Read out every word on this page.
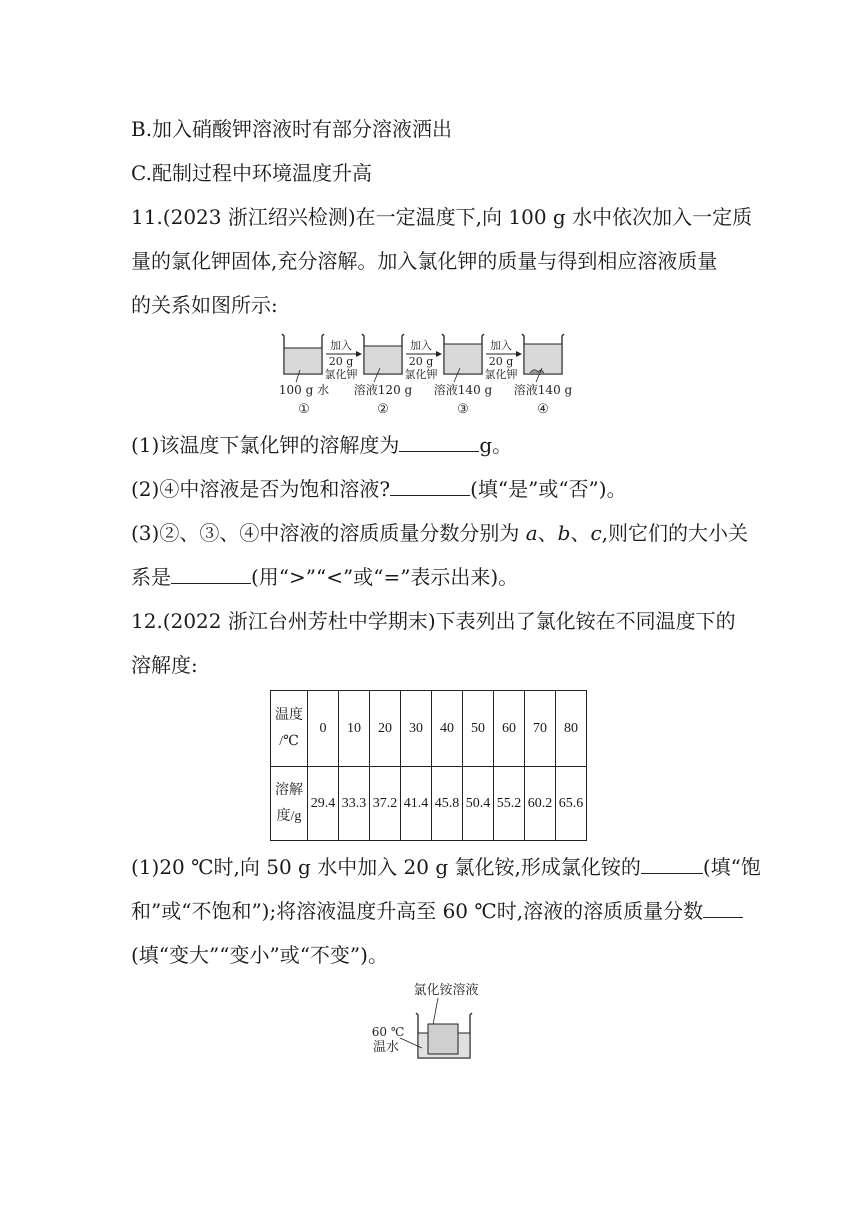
B.加入硝酸钾溶液时有部分溶液洒出
C.配制过程中环境温度升高
11.(2023 浙江绍兴检测)在一定温度下,向 100 g 水中依次加入一定质
量的氯化钾固体,充分溶解。加入氯化钾的质量与得到相应溶液质量
的关系如图所示:
加入
20 g
氯化钾
加入
20 g
氯化钾
加入
20 g
氯化钾
100 g 水 溶液120 g 溶液140 g 溶液140 g
①	②	③	④
(1)该温度下氯化钾的溶解度为	g。
(2)④中溶液是否为饱和溶液?	(填“是”或“否”)。
(3)②、③、④中溶液的溶质质量分数分别为 a、b、c,则它们的大小关
系是	(用“>”“<”或“=”表示出来)。
12.(2022 浙江台州芳杜中学期末)下表列出了氯化铵在不同温度下的
溶解度:
温度
/℃	0	10	20	30	40	50	60	70	80

溶解
度/g	29.4	33.3	37.2	41.4	45.8	50.4	55.2	60.2	65.6
(1)20 ℃时,向 50 g 水中加入 20 g 氯化铵,形成氯化铵的	(填“饱
和”或“不饱和”);将溶液温度升高至 60 ℃时,溶液的溶质质量分数
(填“变大”“变小”或“不变”)。
氯化铵溶液
60 ℃
温水
